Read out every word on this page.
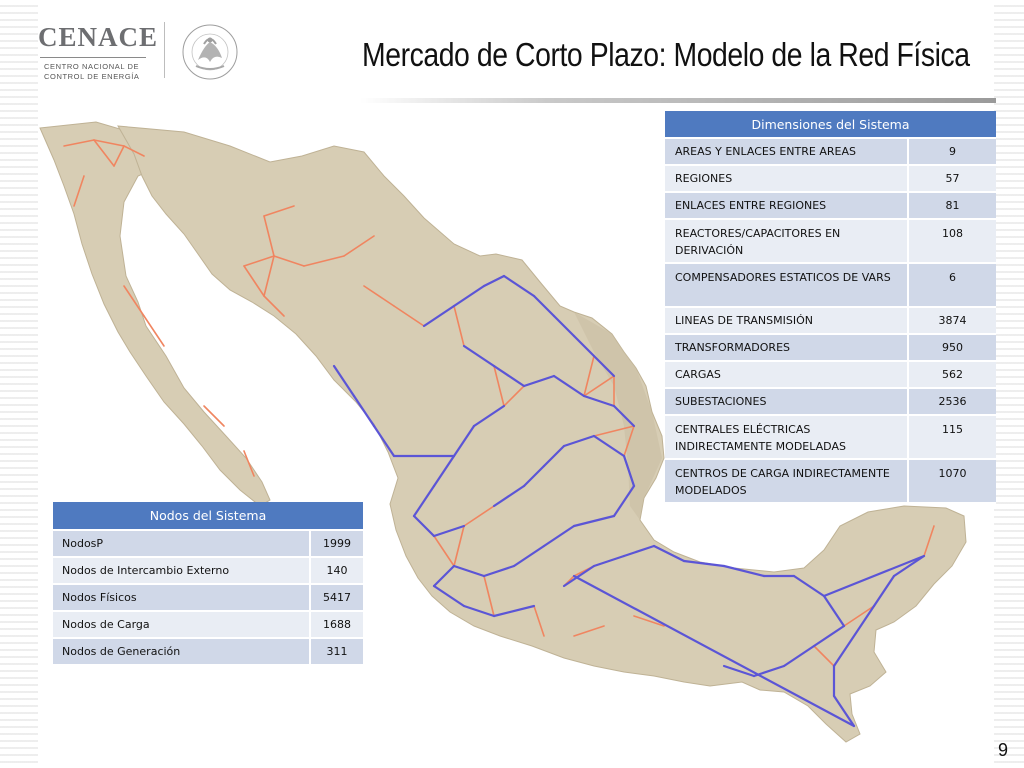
CENACE
CENTRO NACIONAL DE
CONTROL DE ENERGÍA
Mercado de Corto Plazo: Modelo de la Red Física
Dimensiones del Sistema	
AREAS Y ENLACES ENTRE AREAS	9
REGIONES	57
ENLACES ENTRE REGIONES	81
REACTORES/CAPACITORES EN DERIVACIÓN	108
COMPENSADORES ESTATICOS DE VARS	6
LINEAS DE TRANSMISIÓN	3874
TRANSFORMADORES	950
CARGAS	562
SUBESTACIONES	2536
CENTRALES ELÉCTRICAS INDIRECTAMENTE MODELADAS	115
CENTROS DE CARGA INDIRECTAMENTE MODELADOS	1070
Nodos del Sistema	
NodosP	1999
Nodos de Intercambio Externo	140
Nodos Físicos	5417
Nodos de Carga	1688
Nodos de Generación	311
9
